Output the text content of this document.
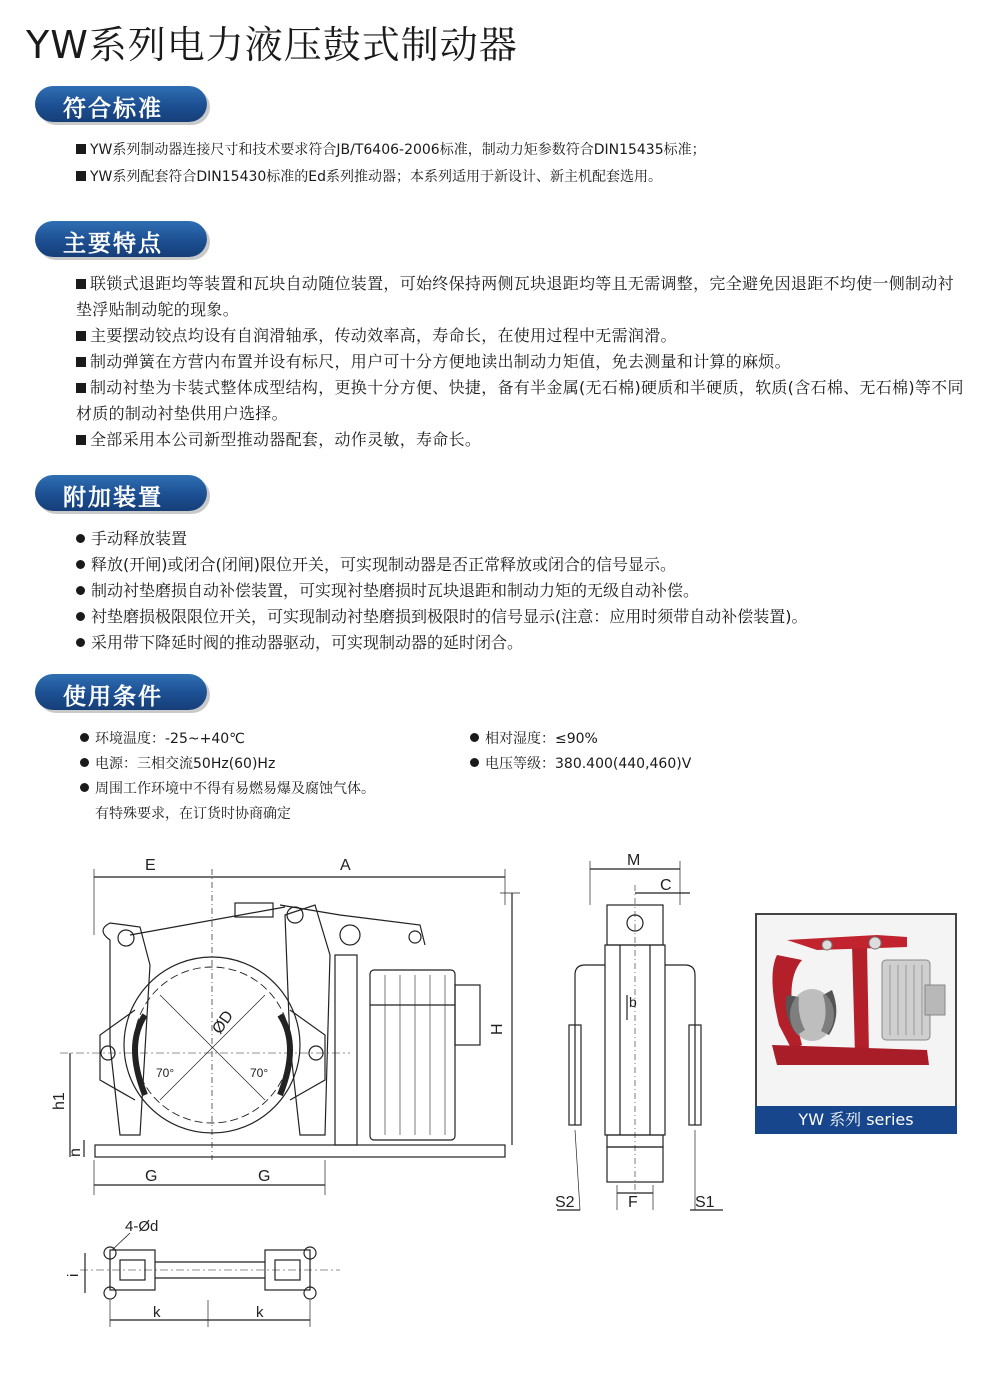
YW系列电力液压鼓式制动器
符合标准

YW系列制动器连接尺寸和技术要求符合JB/T6406-2006标准，制动力矩参数符合DIN15435标准；

YW系列配套符合DIN15430标准的Ed系列推动器；本系列适用于新设计、新主机配套选用。

主要特点

联锁式退距均等装置和瓦块自动随位装置，可始终保持两侧瓦块退距均等且无需调整，完全避免因退距不均使一侧制动衬垫浮贴制动鸵的现象。

主要摆动铰点均设有自润滑轴承，传动效率高，寿命长，在使用过程中无需润滑。

制动弹簧在方营内布置并设有标尺，用户可十分方便地读出制动力矩值，免去测量和计算的麻烦。

制动衬垫为卡装式整体成型结构，更换十分方便、快捷，备有半金属(无石棉)硬质和半硬质，软质(含石棉、无石棉)等不同材质的制动衬垫供用户选择。

全部采用本公司新型推动器配套，动作灵敏，寿命长。

附加装置

手动释放装置

释放(开闸)或闭合(闭闸)限位开关，可实现制动器是否正常释放或闭合的信号显示。

制动衬垫磨损自动补偿装置，可实现衬垫磨损时瓦块退距和制动力矩的无级自动补偿。

衬垫磨损极限限位开关，可实现制动衬垫磨损到极限时的信号显示(注意：应用时须带自动补偿装置)。

采用带下降延时阀的推动器驱动，可实现制动器的延时闭合。

使用条件
环境温度：-25~+40℃
电源：三相交流50Hz(60)Hz
周围工作环境中不得有易燃易爆及腐蚀气体。
有特殊要求，在订货时协商确定
相对湿度：≤90%
电压等级：380.400(440,460)V
E	A
H
h1
n
G	G
ØD
70°	70°
M
C
b
F
S2	S1
4-Ød
i
k	k
YW 系列 series
